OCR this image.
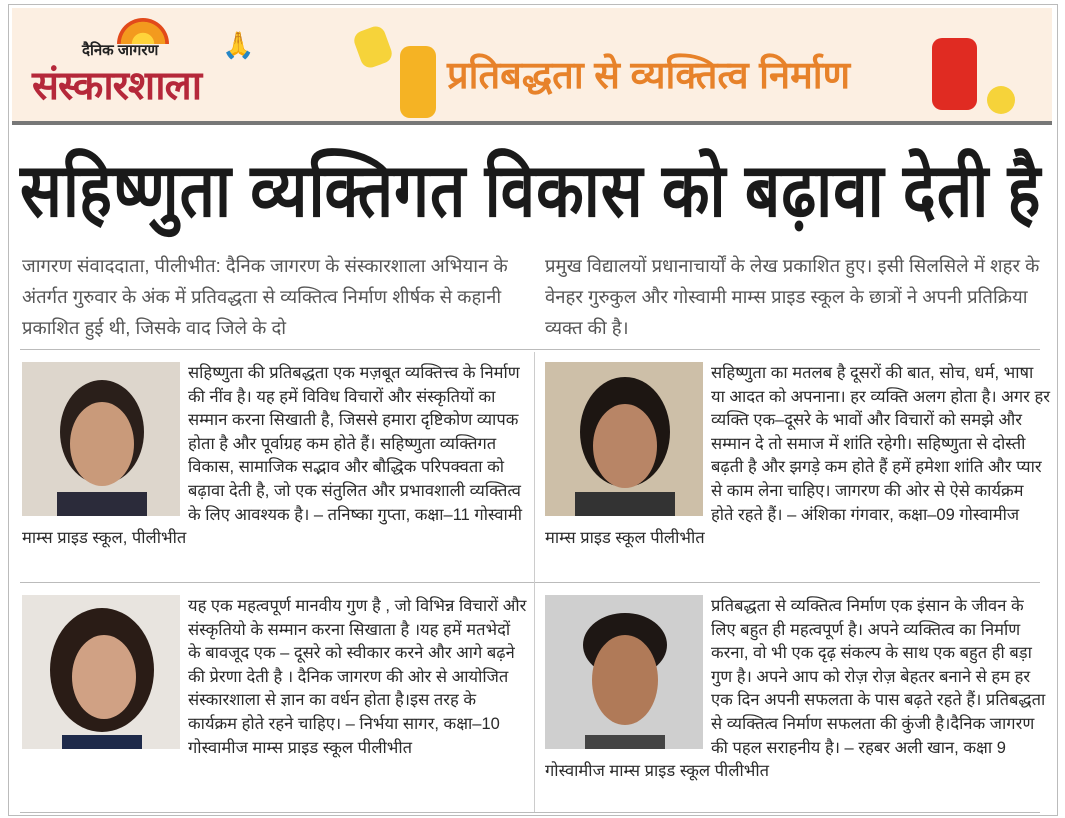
दैनिक जागरण
संस्कारशाला
🙏
प्रतिबद्धता से व्यक्तित्व निर्माण
सहिष्णुता व्यक्तिगत विकास को बढ़ावा देती है
जागरण संवाददाता, पीलीभीत: दैनिक जागरण के संस्कारशाला अभियान के अंतर्गत गुरुवार के अंक में प्रतिवद्धता से व्यक्तित्व निर्माण शीर्षक से कहानी प्रकाशित हुई थी, जिसके वाद जिले के दो
प्रमुख विद्यालयों प्रधानाचार्यों के लेख प्रकाशित हुए। इसी सिलसिले में शहर के वेनहर गुरुकुल और गोस्वामी माम्स प्राइड स्कूल के छात्रों ने अपनी प्रतिक्रिया व्यक्त की है।
सहिष्णुता की प्रतिबद्धता एक मज़बूत व्यक्तित्त्व के निर्माण की नींव है। यह हमें विविध विचारों और संस्कृतियों का सम्मान करना सिखाती है, जिससे हमारा दृष्टिकोण व्यापक होता है और पूर्वाग्रह कम होते हैं। सहिष्णुता व्यक्तिगत विकास, सामाजिक सद्भाव और बौद्धिक परिपक्वता को बढ़ावा देती है, जो एक संतुलित और प्रभावशाली व्यक्तित्व के लिए आवश्यक है। – तनिष्का गुप्ता, कक्षा–11 गोस्वामी माम्स प्राइड स्कूल, पीलीभीत
सहिष्णुता का मतलब है दूसरों की बात, सोच, धर्म, भाषा या आदत को अपनाना। हर व्यक्ति अलग होता है। अगर हर व्यक्ति एक–दूसरे के भावों और विचारों को समझे और सम्मान दे तो समाज में शांति रहेगी। सहिष्णुता से दोस्ती बढ़ती है और झगड़े कम होते हैं हमें हमेशा शांति और प्यार से काम लेना चाहिए। जागरण की ओर से ऐसे कार्यक्रम होते रहते हैं। – अंशिका गंगवार, कक्षा–09 गोस्वामीज माम्स प्राइड स्कूल पीलीभीत
यह एक महत्वपूर्ण मानवीय गुण है , जो विभिन्न विचारों और संस्कृतियो के सम्मान करना सिखाता है ।यह हमें मतभेदों के बावजूद एक – दूसरे को स्वीकार करने और आगे बढ़ने की प्रेरणा देती है । दैनिक जागरण की ओर से आयोजित संस्कारशाला से ज्ञान का वर्धन होता है।इस तरह के कार्यक्रम होते रहने चाहिए। – निर्भया सागर, कक्षा–10 गोस्वामीज माम्स प्राइड स्कूल पीलीभीत
प्रतिबद्धता से व्यक्तित्व निर्माण एक इंसान के जीवन के लिए बहुत ही महत्वपूर्ण है। अपने व्यक्तित्व का निर्माण करना, वो भी एक दृढ़ संकल्प के साथ एक बहुत ही बड़ा गुण है। अपने आप को रोज़ रोज़ बेहतर बनाने से हम हर एक दिन अपनी सफलता के पास बढ़ते रहते हैं। प्रतिबद्धता से व्यक्तित्व निर्माण सफलता की कुंजी है।दैनिक जागरण की पहल सराहनीय है। – रहबर अली खान, कक्षा 9 गोस्वामीज माम्स प्राइड स्कूल पीलीभीत
